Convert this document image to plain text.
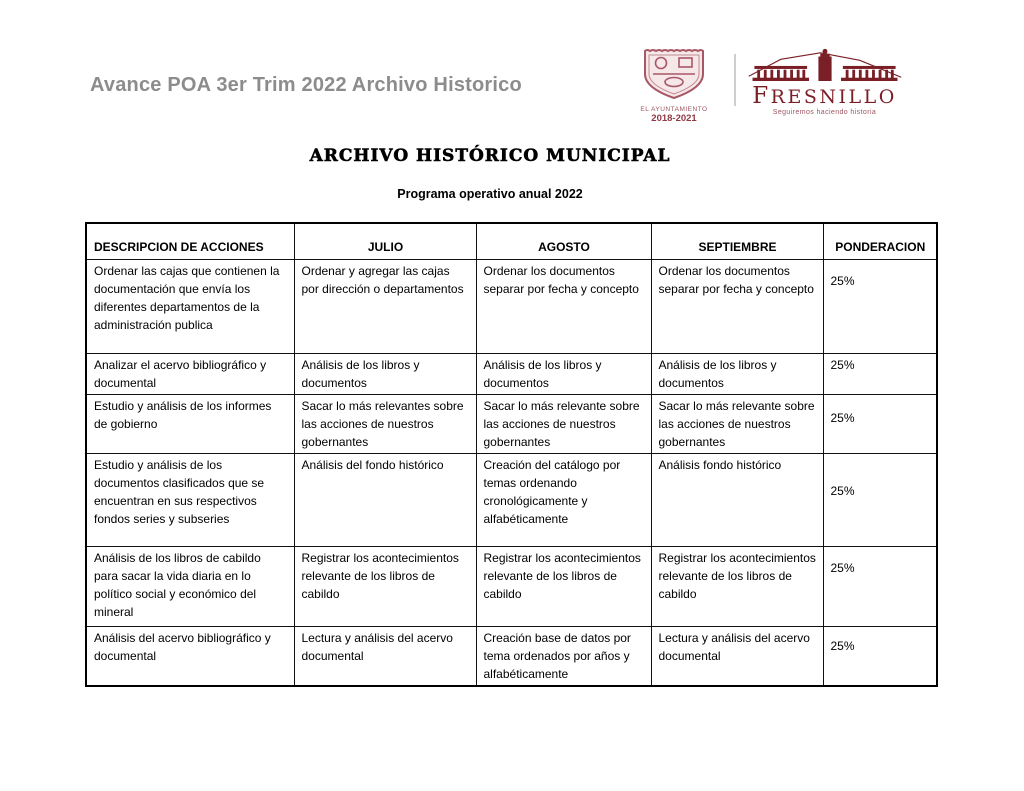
Avance POA 3er Trim 2022 Archivo Historico
EL AYUNTAMIENTO
2018-2021
FRESNILLO
Seguiremos haciendo historia
ARCHIVO HISTÓRICO MUNICIPAL
Programa operativo anual 2022
DESCRIPCION DE ACCIONES	JULIO	AGOSTO	SEPTIEMBRE	PONDERACION
Ordenar las cajas que contienen la documentación que envía los diferentes departamentos de la administración publica	Ordenar y agregar las cajas por dirección o departamentos	Ordenar los documentos separar por fecha y concepto	Ordenar los documentos separar por fecha y concepto	25%
Analizar el acervo bibliográfico y documental	Análisis de los libros y documentos	Análisis de los libros y documentos	Análisis de los libros y documentos	25%
Estudio y análisis de los informes de gobierno	Sacar lo más relevantes sobre las acciones de nuestros gobernantes	Sacar lo más relevante sobre las acciones de nuestros gobernantes	Sacar lo más relevante sobre las acciones de nuestros gobernantes	25%
Estudio y análisis de los documentos clasificados que se encuentran en sus respectivos fondos series y subseries	Análisis del fondo histórico	Creación del catálogo por temas ordenando cronológicamente y alfabéticamente	Análisis fondo histórico	25%
Análisis de los libros de cabildo para sacar la vida diaria en lo político social y económico del mineral	Registrar los acontecimientos relevante de los libros de cabildo	Registrar los acontecimientos relevante de los libros de cabildo	Registrar los acontecimientos relevante de los libros de cabildo	25%
Análisis del acervo bibliográfico y documental	Lectura y análisis del acervo documental	Creación base de datos por tema ordenados por años y alfabéticamente	Lectura y análisis del acervo documental	25%
